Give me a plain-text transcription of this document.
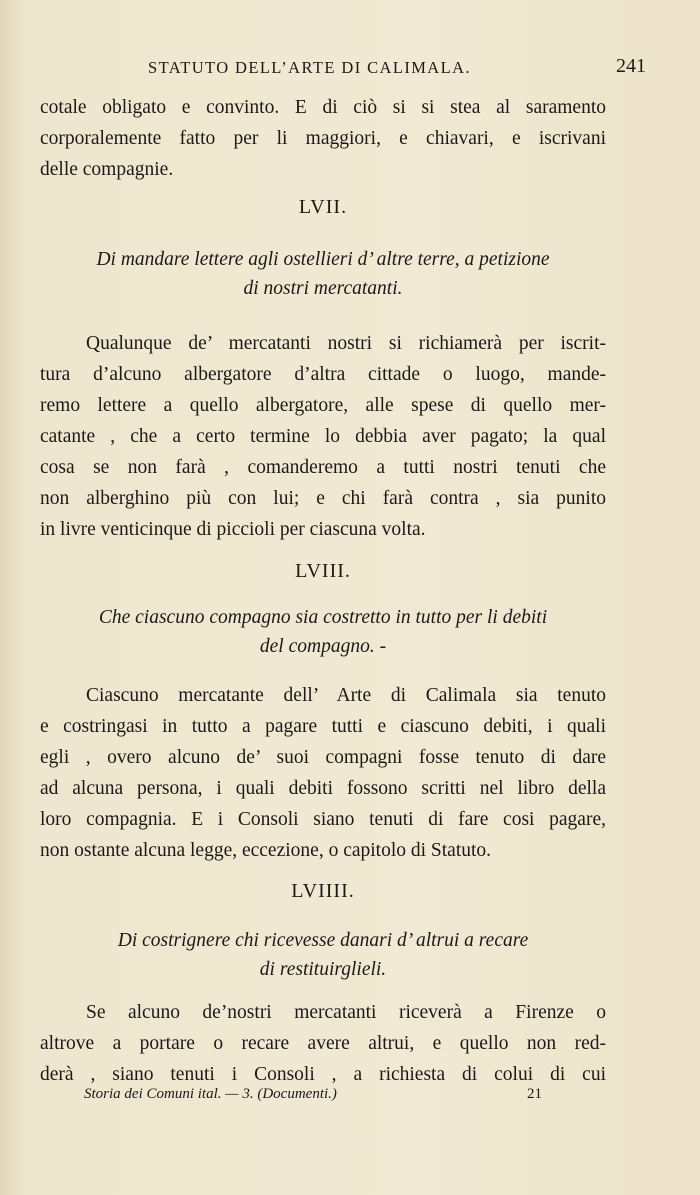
STATUTO DELL’ARTE DI CALIMALA.	241
cotale obligato e convinto. E di ciò si si stea al saramento
corporalemente fatto per li maggiori, e chiavari, e iscrivani
delle compagnie.
LVII.
Di mandare lettere agli ostellieri d’ altre terre, a petizione
di nostri mercatanti.
Qualunque de’ mercatanti nostri si richiamerà per iscrit-
tura d’alcuno albergatore d’altra cittade o luogo, mande-
remo lettere a quello albergatore, alle spese di quello mer-
catante , che a certo termine lo debbia aver pagato; la qual
cosa se non farà , comanderemo a tutti nostri tenuti che
non alberghino più con lui; e chi farà contra , sia punito
in livre venticinque di piccioli per ciascuna volta.
LVIII.
Che ciascuno compagno sia costretto in tutto per li debiti
del compagno. -
Ciascuno mercatante dell’ Arte di Calimala sia tenuto
e costringasi in tutto a pagare tutti e ciascuno debiti, i quali
egli , overo alcuno de’ suoi compagni fosse tenuto di dare
ad alcuna persona, i quali debiti fossono scritti nel libro della
loro compagnia. E i Consoli siano tenuti di fare cosi pagare,
non ostante alcuna legge, eccezione, o capitolo di Statuto.
LVIIII.
Di costrignere chi ricevesse danari d’ altrui a recare
di restituirglieli.
Se alcuno de’nostri mercatanti riceverà a Firenze o
altrove a portare o recare avere altrui, e quello non red-
derà , siano tenuti i Consoli , a richiesta di colui di cui
Storia dei Comuni ital. — 3. (Documenti.)	21
